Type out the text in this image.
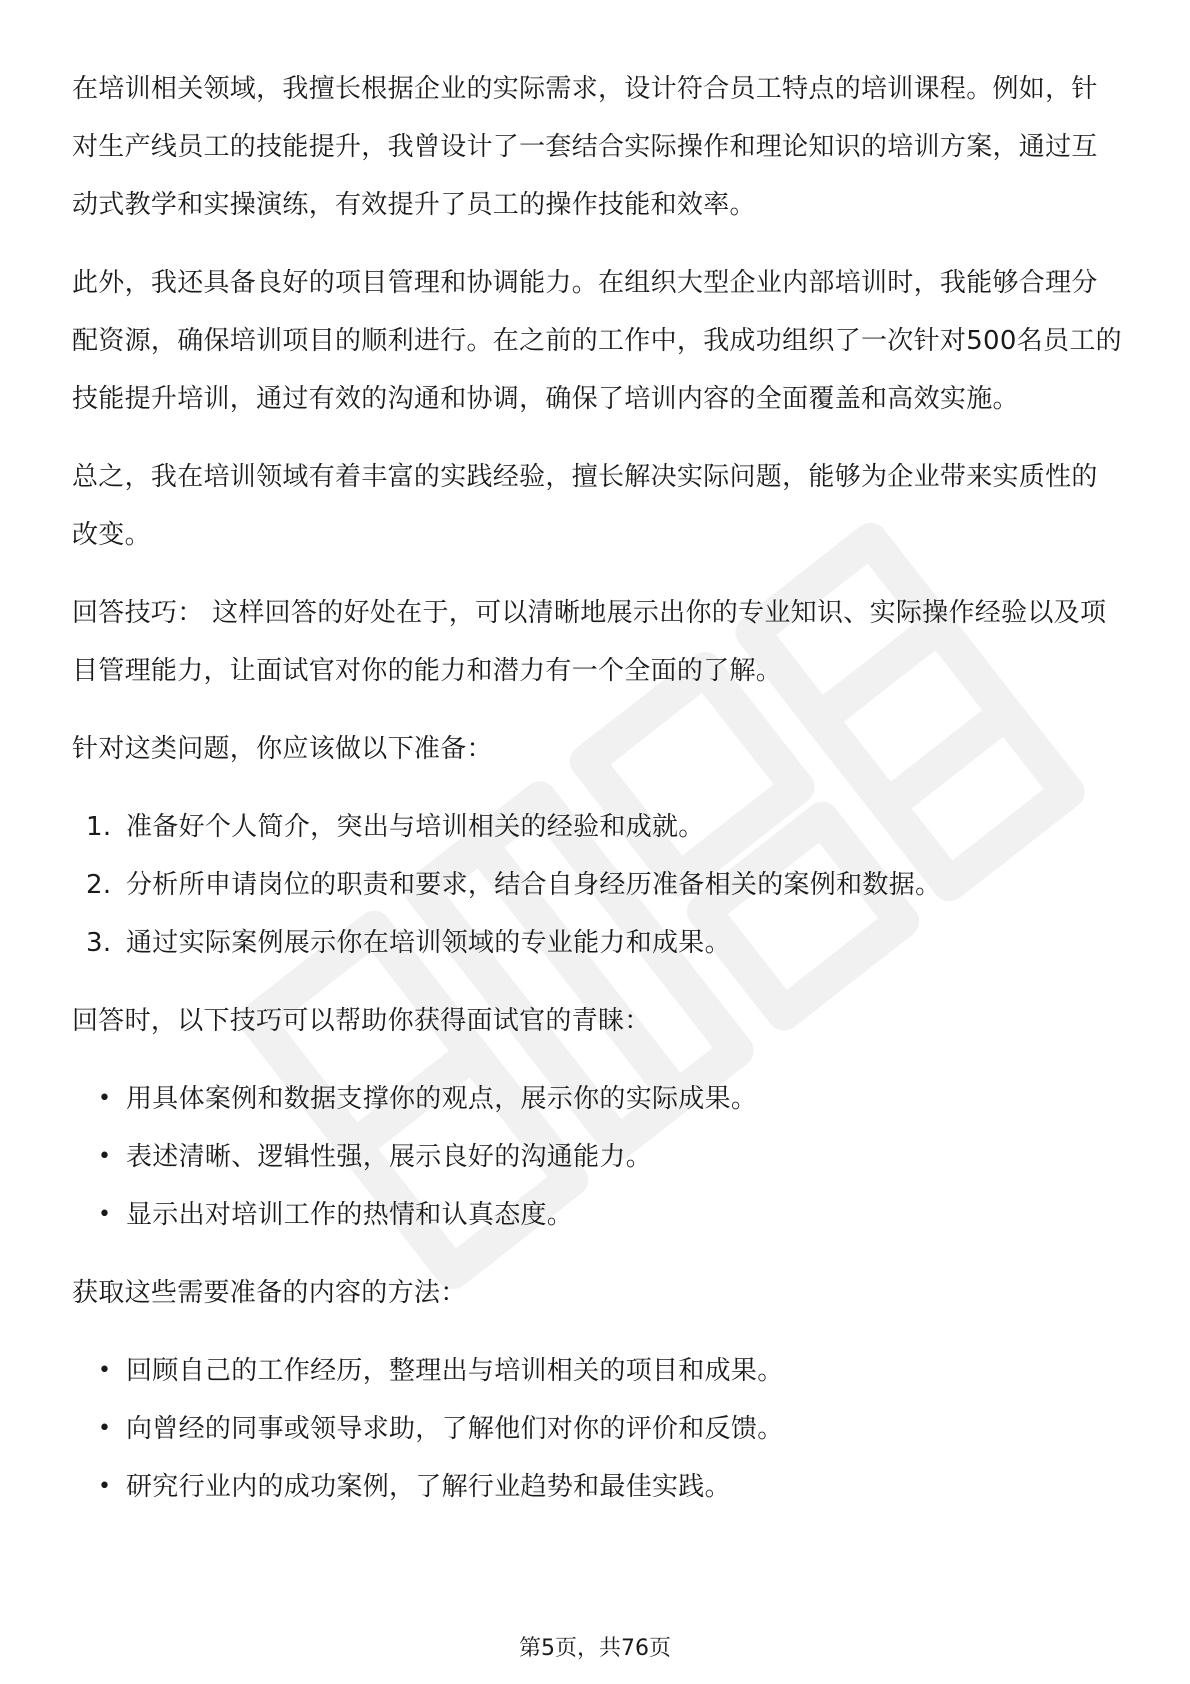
在培训相关领域，我擅长根据企业的实际需求，设计符合员工特点的培训课程。例如，针对生产线员工的技能提升，我曾设计了一套结合实际操作和理论知识的培训方案，通过互动式教学和实操演练，有效提升了员工的操作技能和效率。

此外，我还具备良好的项目管理和协调能力。在组织大型企业内部培训时，我能够合理分配资源，确保培训项目的顺利进行。在之前的工作中，我成功组织了一次针对500名员工的技能提升培训，通过有效的沟通和协调，确保了培训内容的全面覆盖和高效实施。

总之，我在培训领域有着丰富的实践经验，擅长解决实际问题，能够为企业带来实质性的改变。

回答技巧： 这样回答的好处在于，可以清晰地展示出你的专业知识、实际操作经验以及项目管理能力，让面试官对你的能力和潜力有一个全面的了解。

针对这类问题，你应该做以下准备：

1. 准备好个人简介，突出与培训相关的经验和成就。
2. 分析所申请岗位的职责和要求，结合自身经历准备相关的案例和数据。
3. 通过实际案例展示你在培训领域的专业能力和成果。

回答时，以下技巧可以帮助你获得面试官的青睐：

• 用具体案例和数据支撑你的观点，展示你的实际成果。
• 表述清晰、逻辑性强，展示良好的沟通能力。
• 显示出对培训工作的热情和认真态度。

获取这些需要准备的内容的方法：

• 回顾自己的工作经历，整理出与培训相关的项目和成果。
• 向曾经的同事或领导求助，了解他们对你的评价和反馈。
• 研究行业内的成功案例，了解行业趋势和最佳实践。
第5页，共76页
